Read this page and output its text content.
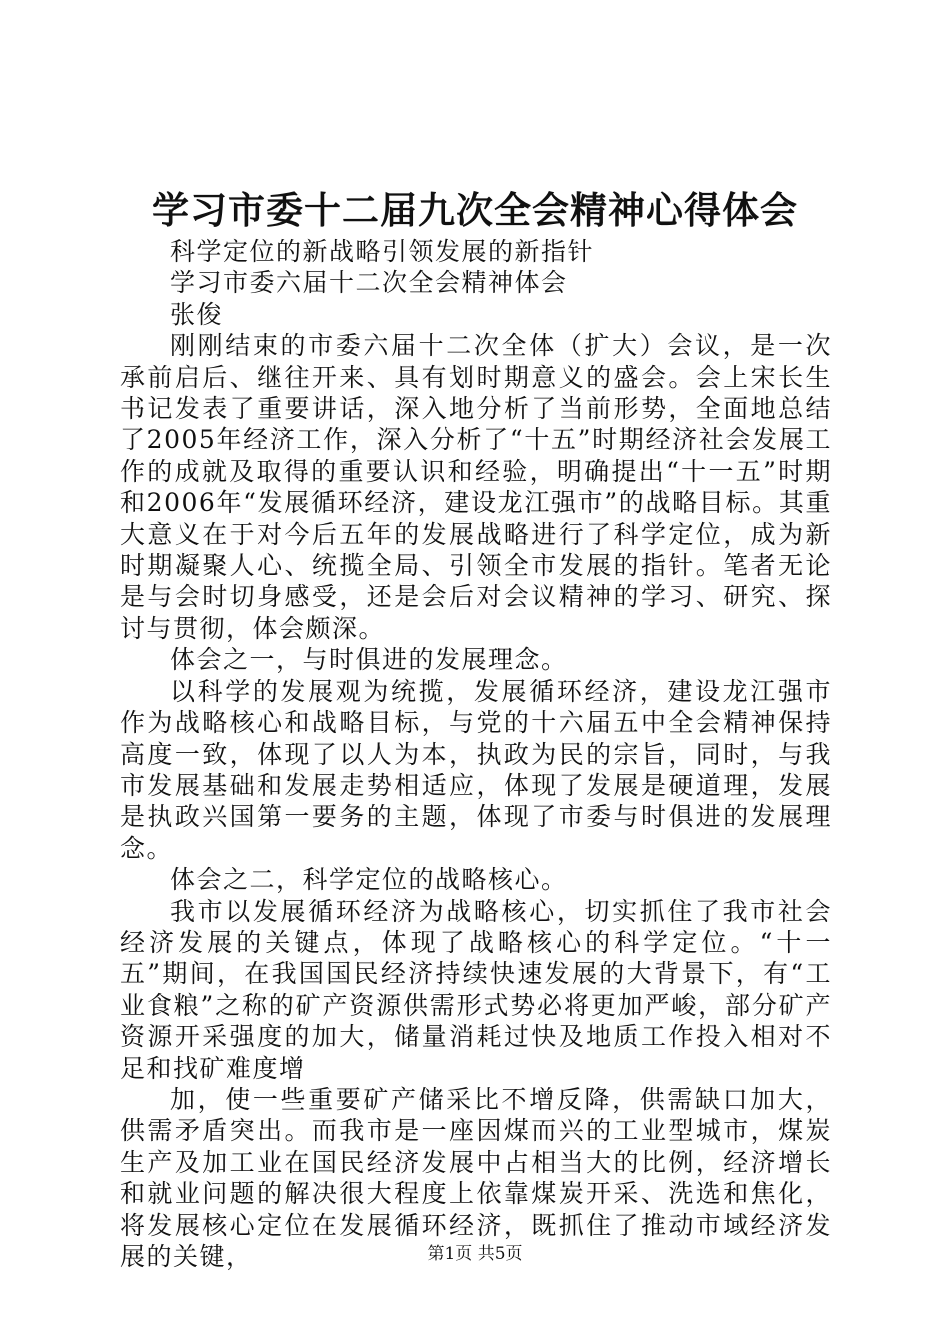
学习市委十二届九次全会精神心得体会

科学定位的新战略引领发展的新指针

学习市委六届十二次全会精神体会

张俊

刚刚结束的市委六届十二次全体（扩大）会议，是一次承前启后、继往开来、具有划时期意义的盛会。会上宋长生书记发表了重要讲话，深入地分析了当前形势，全面地总结了2005年经济工作，深入分析了“十五”时期经济社会发展工作的成就及取得的重要认识和经验，明确提出“十一五”时期和2006年“发展循环经济，建设龙江强市”的战略目标。其重大意义在于对今后五年的发展战略进行了科学定位，成为新时期凝聚人心、统揽全局、引领全市发展的指针。笔者无论是与会时切身感受，还是会后对会议精神的学习、研究、探讨与贯彻，体会颇深。

体会之一，与时俱进的发展理念。

以科学的发展观为统揽，发展循环经济，建设龙江强市作为战略核心和战略目标，与党的十六届五中全会精神保持高度一致，体现了以人为本，执政为民的宗旨，同时，与我市发展基础和发展走势相适应，体现了发展是硬道理，发展是执政兴国第一要务的主题，体现了市委与时俱进的发展理念。

体会之二，科学定位的战略核心。

我市以发展循环经济为战略核心，切实抓住了我市社会经济发展的关键点，体现了战略核心的科学定位。“十一五”期间，在我国国民经济持续快速发展的大背景下，有“工业食粮”之称的矿产资源供需形式势必将更加严峻，部分矿产资源开采强度的加大，储量消耗过快及地质工作投入相对不足和找矿难度增

加，使一些重要矿产储采比不增反降，供需缺口加大，供需矛盾突出。而我市是一座因煤而兴的工业型城市，煤炭生产及加工业在国民经济发展中占相当大的比例，经济增长和就业问题的解决很大程度上依靠煤炭开采、洗选和焦化，将发展核心定位在发展循环经济，既抓住了推动市域经济发展的关键，	第1页 共5页
